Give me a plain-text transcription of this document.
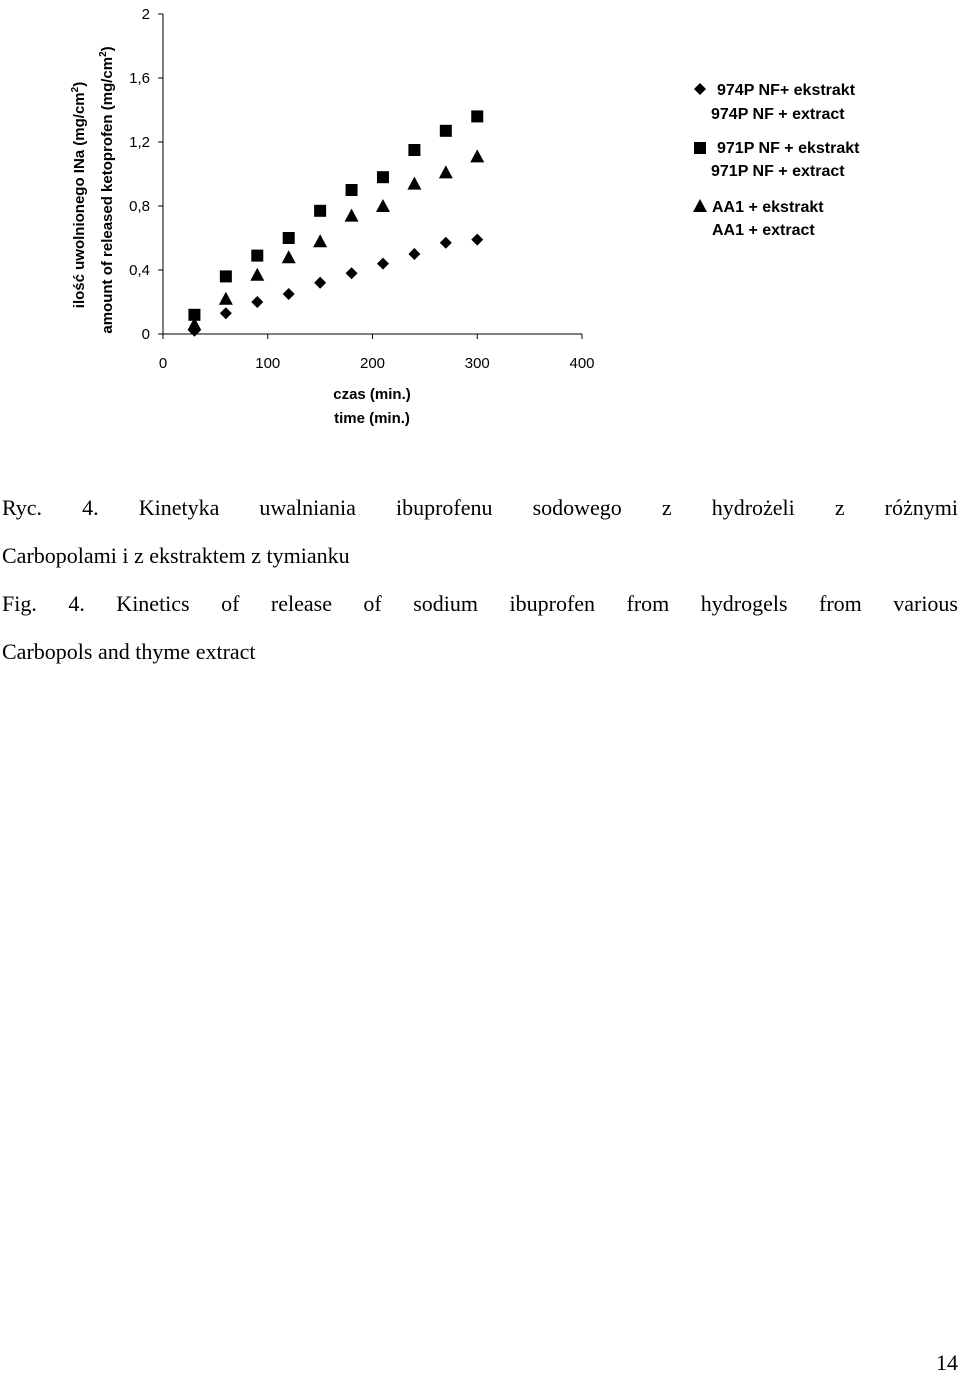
0	100	200	300	400
0
0,4
0,8
1,2
1,6
2
czas (min.)
time (min.)
ilość uwolnionego INa $(mg/cm^2)$ amount of released ketoprofen $(mg/cm^2)$
974P NF+ ekstrakt
974P NF + extract
971P NF + ekstrakt
971P NF + extract
AA1 + ekstrakt
AA1 + extract
Ryc. 4. Kinetyka uwalniania ibuprofenu sodowego z hydrożeli z różnymi
Carbopolami i z ekstraktem z tymianku
Fig. 4. Kinetics of release of sodium ibuprofen from hydrogels from various
Carbopols and thyme extract
14
